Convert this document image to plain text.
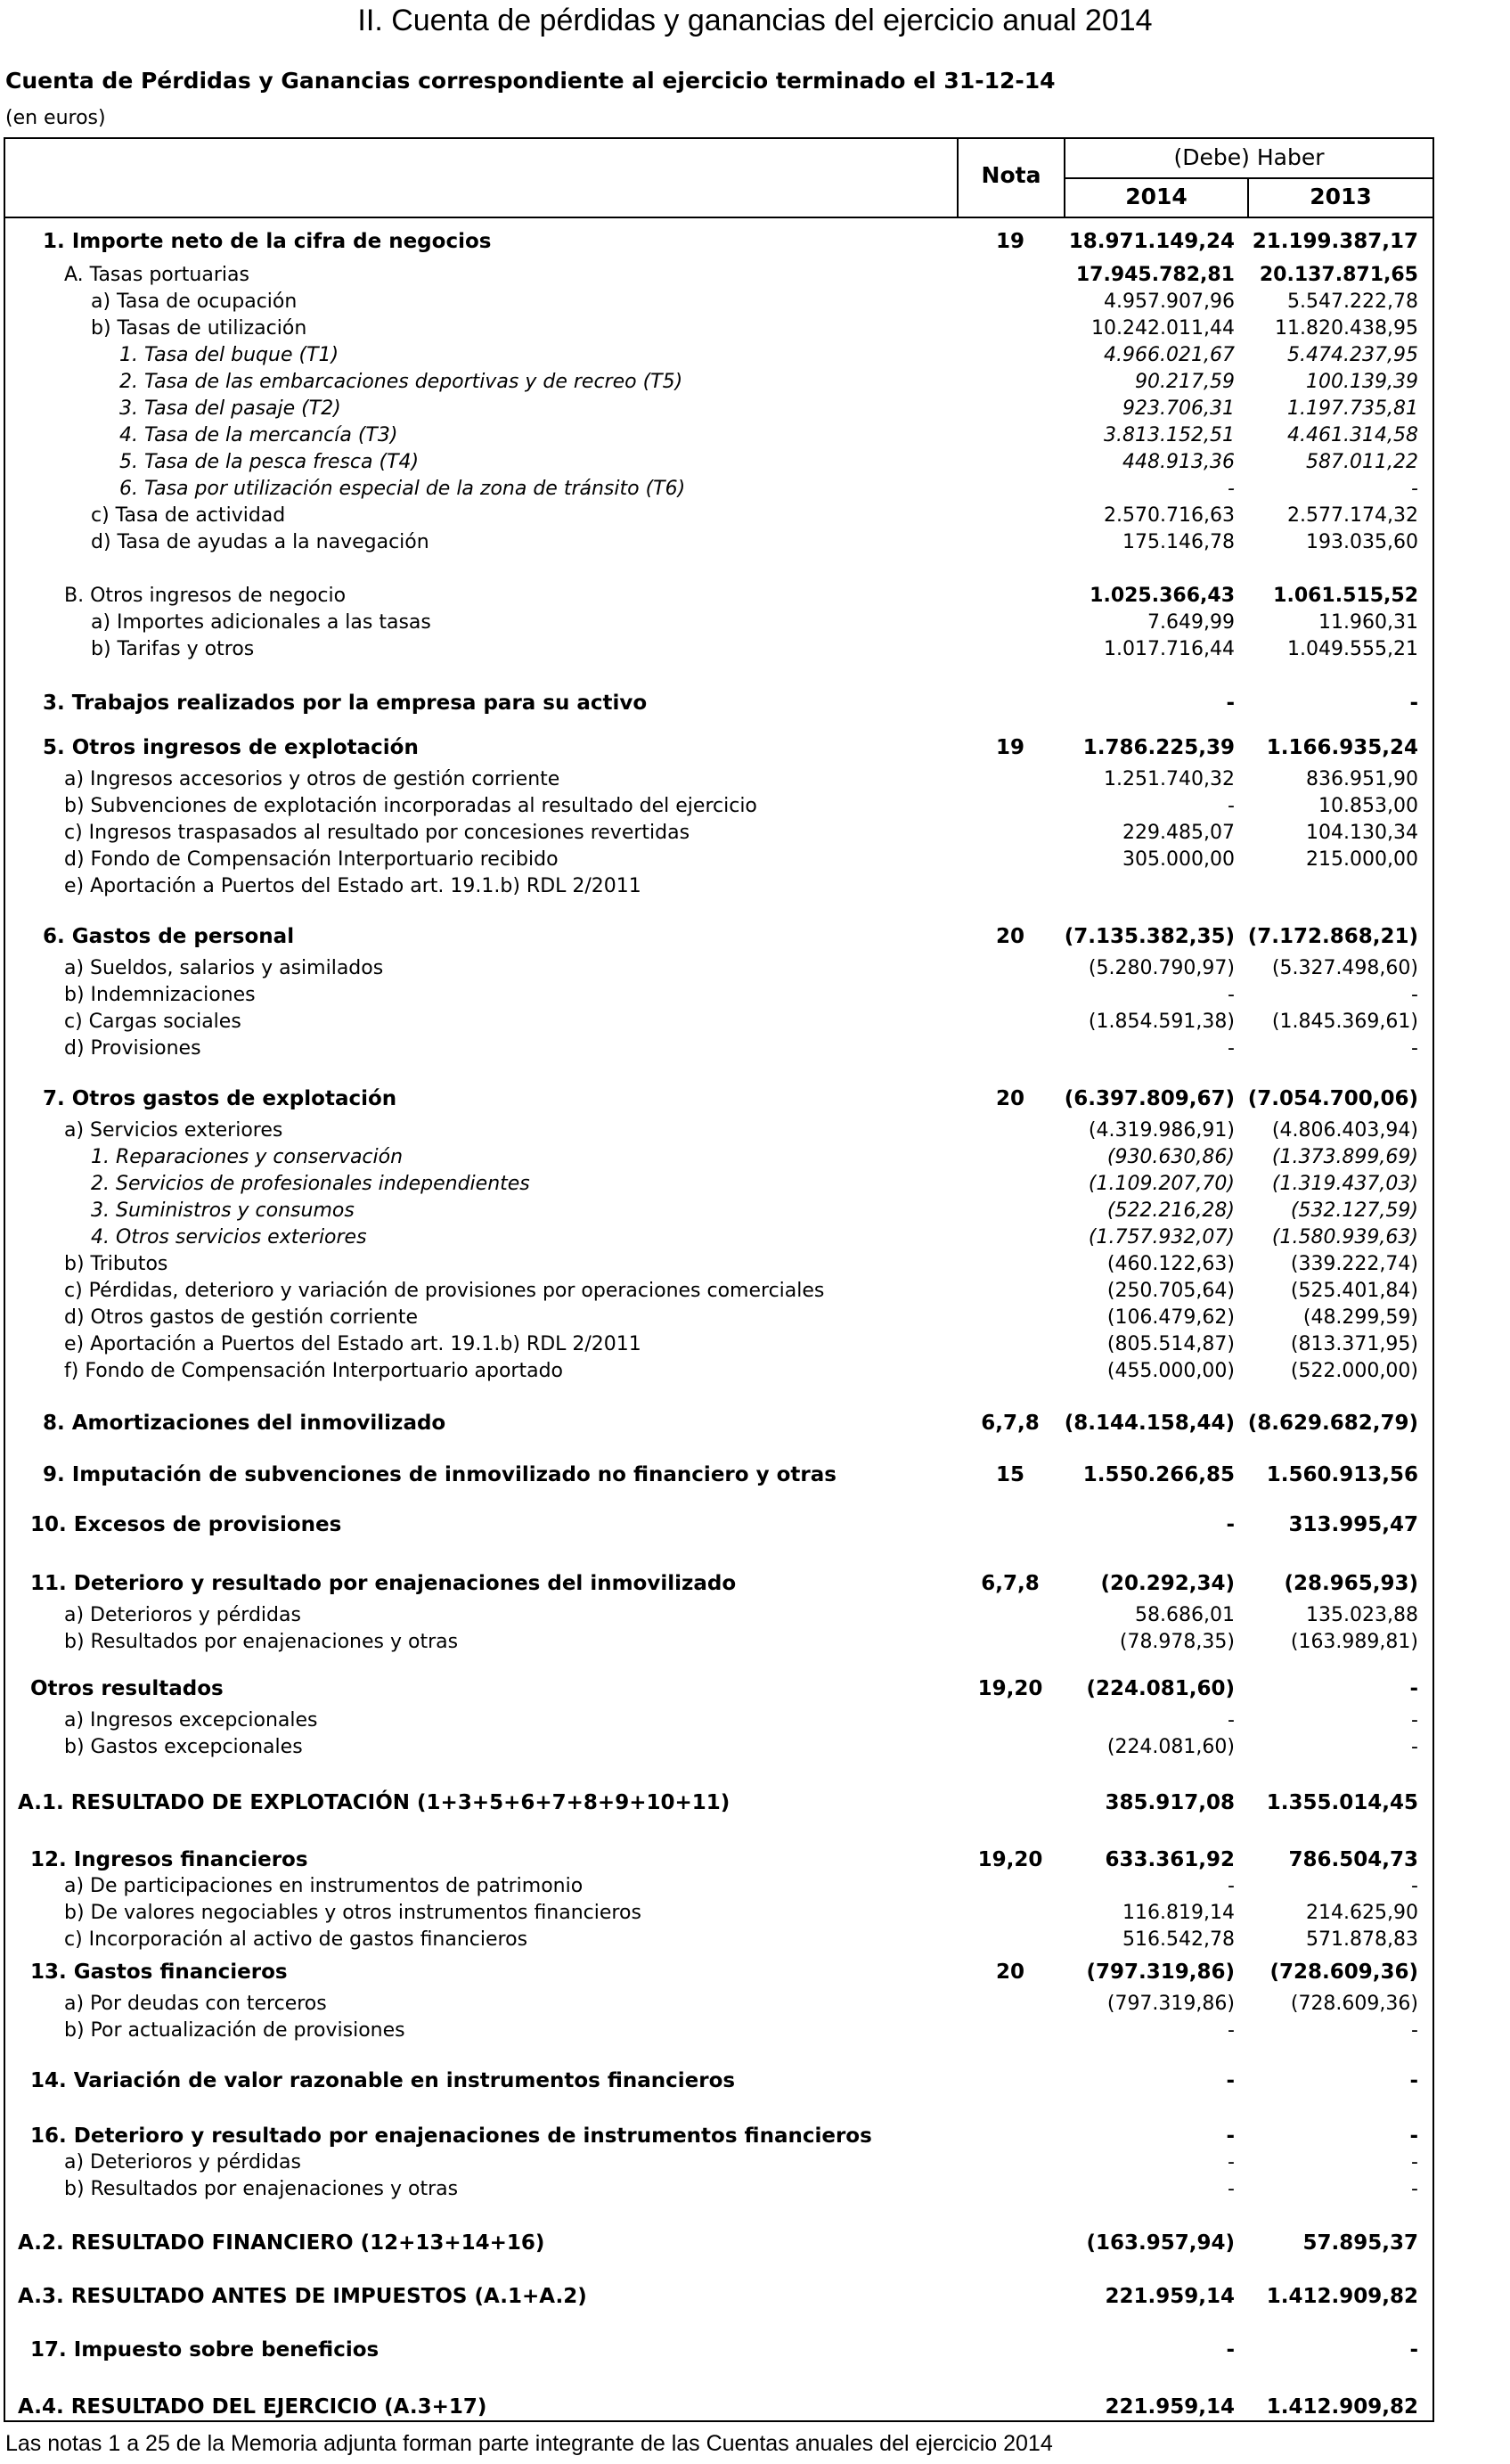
II. Cuenta de pérdidas y ganancias del ejercicio anual 2014
Cuenta de Pérdidas y Ganancias correspondiente al ejercicio terminado el 31-12-14
(en euros)
Nota
(Debe) Haber
2014	2013
1. Importe neto de la cifra de negocios	19	18.971.149,24 21.199.387,17
A. Tasas portuarias	17.945.782,81	20.137.871,65
a) Tasa de ocupación	4.957.907,96	5.547.222,78
b) Tasas de utilización	10.242.011,44	11.820.438,95
1. Tasa del buque (T1)	4.966.021,67	5.474.237,95
2. Tasa de las embarcaciones deportivas y de recreo (T5)	90.217,59	100.139,39
3. Tasa del pasaje (T2)	923.706,31	1.197.735,81
4. Tasa de la mercancía (T3)	3.813.152,51	4.461.314,58
5. Tasa de la pesca fresca (T4)	448.913,36	587.011,22
6. Tasa por utilización especial de la zona de tránsito (T6)	-	-
c) Tasa de actividad	2.570.716,63	2.577.174,32
d) Tasa de ayudas a la navegación	175.146,78	193.035,60
B. Otros ingresos de negocio	1.025.366,43	1.061.515,52
a) Importes adicionales a las tasas	7.649,99	11.960,31
b) Tarifas y otros	1.017.716,44	1.049.555,21
3. Trabajos realizados por la empresa para su activo	-	-
5. Otros ingresos de explotación	19	1.786.225,39	1.166.935,24
a) Ingresos accesorios y otros de gestión corriente	1.251.740,32	836.951,90
b) Subvenciones de explotación incorporadas al resultado del ejercicio	-	10.853,00
c) Ingresos traspasados al resultado por concesiones revertidas	229.485,07	104.130,34
d) Fondo de Compensación Interportuario recibido	305.000,00	215.000,00
e) Aportación a Puertos del Estado art. 19.1.b) RDL 2/2011
6. Gastos de personal	20	(7.135.382,35) (7.172.868,21)
a) Sueldos, salarios y asimilados	(5.280.790,97)	(5.327.498,60)
b) Indemnizaciones	-	-
c) Cargas sociales	(1.854.591,38)	(1.845.369,61)
d) Provisiones	-	-
7. Otros gastos de explotación	20	(6.397.809,67) (7.054.700,06)
a) Servicios exteriores	(4.319.986,91)	(4.806.403,94)
1. Reparaciones y conservación	(930.630,86)	(1.373.899,69)
2. Servicios de profesionales independientes	(1.109.207,70)	(1.319.437,03)
3. Suministros y consumos	(522.216,28)	(532.127,59)
4. Otros servicios exteriores	(1.757.932,07)	(1.580.939,63)
b) Tributos	(460.122,63)	(339.222,74)
c) Pérdidas, deterioro y variación de provisiones por operaciones comerciales	(250.705,64)	(525.401,84)
d) Otros gastos de gestión corriente	(106.479,62)	(48.299,59)
e) Aportación a Puertos del Estado art. 19.1.b) RDL 2/2011	(805.514,87)	(813.371,95)
f) Fondo de Compensación Interportuario aportado	(455.000,00)	(522.000,00)
8. Amortizaciones del inmovilizado	6,7,8	(8.144.158,44) (8.629.682,79)
9. Imputación de subvenciones de inmovilizado no financiero y otras	15	1.550.266,85	1.560.913,56
10. Excesos de provisiones	-	313.995,47
11. Deterioro y resultado por enajenaciones del inmovilizado	6,7,8	(20.292,34)	(28.965,93)
a) Deterioros y pérdidas	58.686,01	135.023,88
b) Resultados por enajenaciones y otras	(78.978,35)	(163.989,81)
Otros resultados	19,20	(224.081,60)	-
a) Ingresos excepcionales	-	-
b) Gastos excepcionales	(224.081,60)	-
A.1. RESULTADO DE EXPLOTACIÓN (1+3+5+6+7+8+9+10+11)	385.917,08	1.355.014,45
12. Ingresos financieros	19,20	633.361,92	786.504,73
a) De participaciones en instrumentos de patrimonio	-	-
b) De valores negociables y otros instrumentos financieros	116.819,14	214.625,90
c) Incorporación al activo de gastos financieros	516.542,78	571.878,83
13. Gastos financieros	20	(797.319,86)	(728.609,36)
a) Por deudas con terceros	(797.319,86)	(728.609,36)
b) Por actualización de provisiones	-	-
14. Variación de valor razonable en instrumentos financieros	-	-
16. Deterioro y resultado por enajenaciones de instrumentos financieros	-	-
a) Deterioros y pérdidas	-	-
b) Resultados por enajenaciones y otras	-	-
A.2. RESULTADO FINANCIERO (12+13+14+16)	(163.957,94)	57.895,37
A.3. RESULTADO ANTES DE IMPUESTOS (A.1+A.2)	221.959,14	1.412.909,82
17. Impuesto sobre beneficios	-	-
A.4. RESULTADO DEL EJERCICIO (A.3+17)	221.959,14	1.412.909,82
Las notas 1 a 25 de la Memoria adjunta forman parte integrante de las Cuentas anuales del ejercicio 2014
